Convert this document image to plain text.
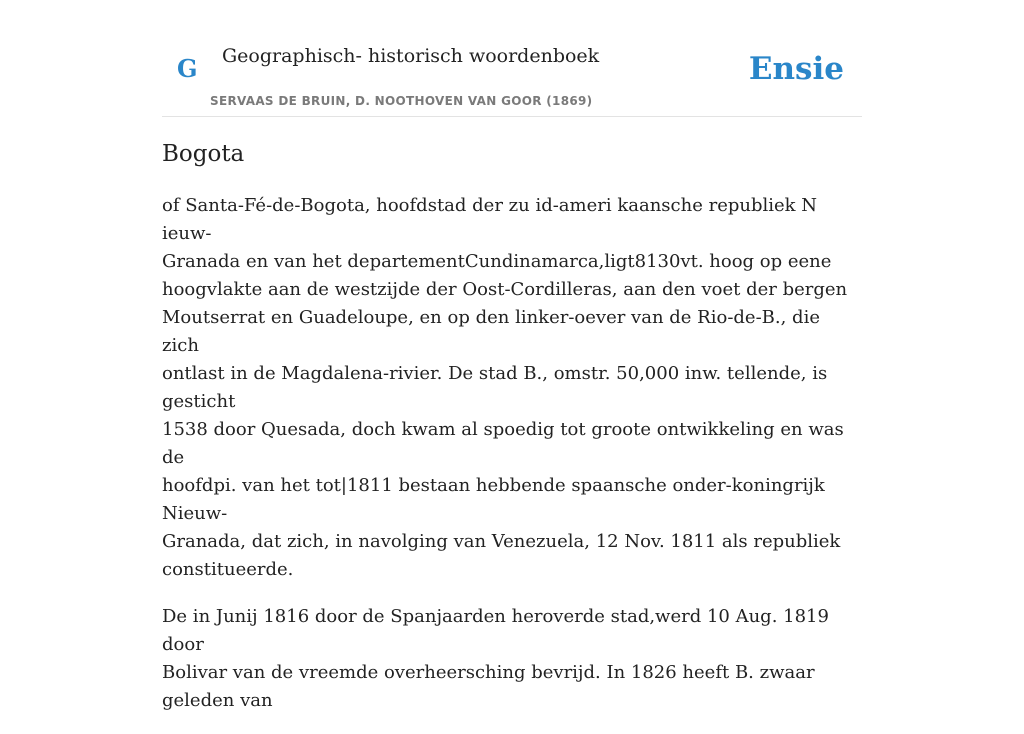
G Geographisch- historisch woordenboek
SERVAAS DE BRUIN, D. NOOTHOVEN VAN GOOR (1869)
Ensie
Bogota

of Santa-Fé-de-Bogota, hoofdstad der zu id-ameri kaansche republiek N ieuw-
Granada en van het departementCundinamarca,ligt8130vt. hoog op eene
hoogvlakte aan de westzijde der Oost-Cordilleras, aan den voet der bergen
Moutserrat en Guadeloupe, en op den linker-oever van de Rio-de-B., die zich
ontlast in de Magdalena-rivier. De stad B., omstr. 50,000 inw. tellende, is gesticht
1538 door Quesada, doch kwam al spoedig tot groote ontwikkeling en was de
hoofdpi. van het tot|1811 bestaan hebbende spaansche onder-koningrijk Nieuw-
Granada, dat zich, in navolging van Venezuela, 12 Nov. 1811 als republiek
constitueerde.

De in Junij 1816 door de Spanjaarden heroverde stad,werd 10 Aug. 1819 door
Bolivar van de vreemde overheersching bevrijd. In 1826 heeft B. zwaar geleden van
